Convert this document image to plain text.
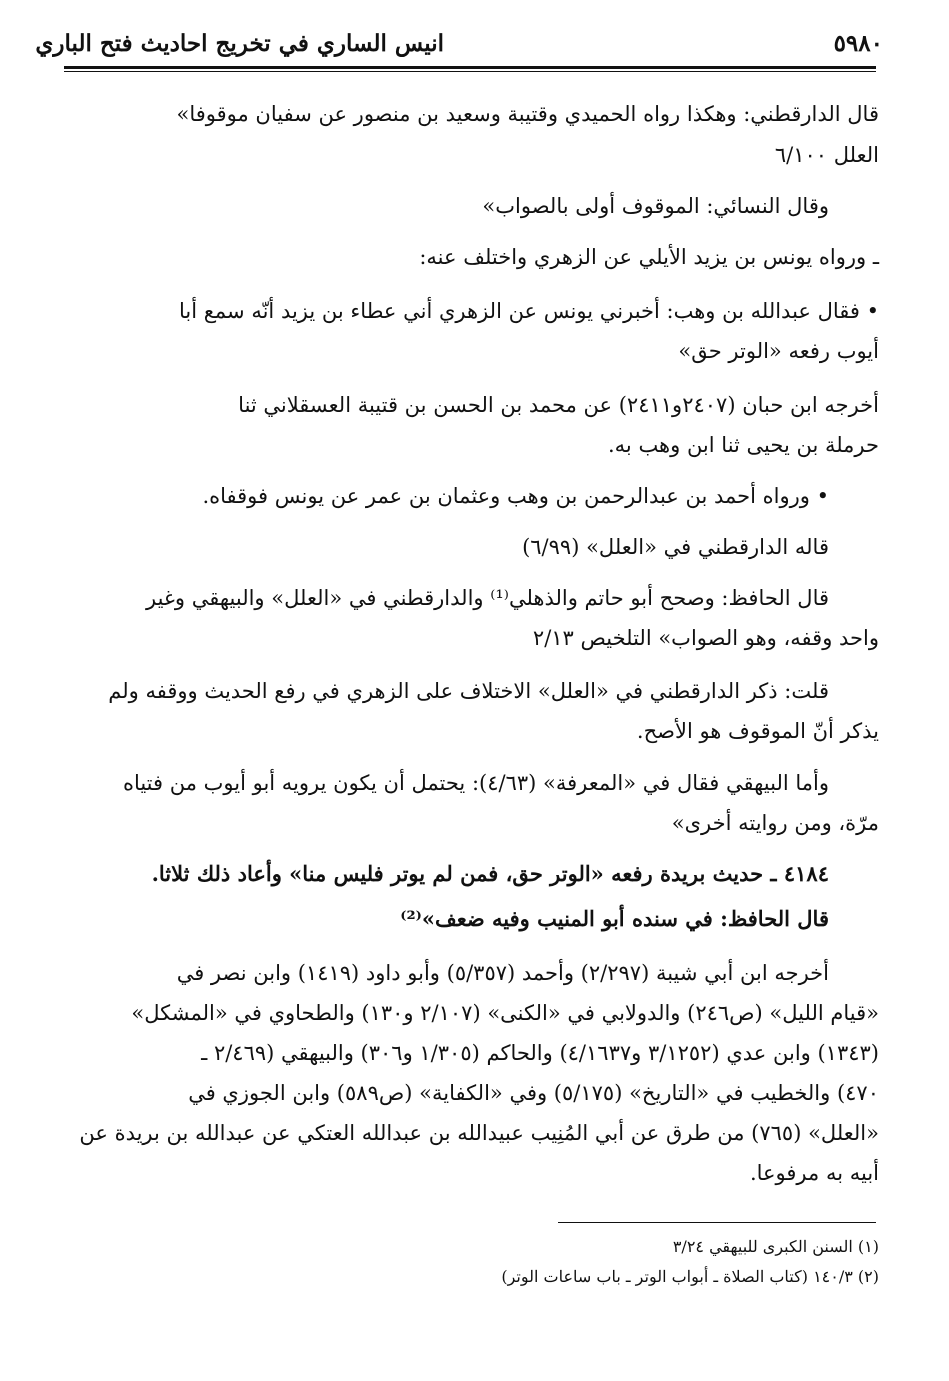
انيس الساري في تخريج احاديث فتح الباري	٥٩٨٠
قال الدارقطني: وهكذا رواه الحميدي وقتيبة وسعيد بن منصور عن سفيان موقوفا»
العلل ٦/١٠٠
وقال النسائي: الموقوف أولى بالصواب»
ـ ورواه يونس بن يزيد الأيلي عن الزهري واختلف عنه:
• فقال عبدالله بن وهب: أخبرني يونس عن الزهري أني عطاء بن يزيد أنّه سمع أبا
أيوب رفعه «الوتر حق»
أخرجه ابن حبان (٢٤٠٧و٢٤١١) عن محمد بن الحسن بن قتيبة العسقلاني ثنا
حرملة بن يحيى ثنا ابن وهب به.
• ورواه أحمد بن عبدالرحمن بن وهب وعثمان بن عمر عن يونس فوقفاه.
قاله الدارقطني في «العلل» (٦/٩٩)
قال الحافظ: وصحح أبو حاتم والذهلي⁽¹⁾ والدارقطني في «العلل» والبيهقي وغير
واحد وقفه، وهو الصواب» التلخيص ٢/١٣
قلت: ذكر الدارقطني في «العلل» الاختلاف على الزهري في رفع الحديث ووقفه ولم
يذكر أنّ الموقوف هو الأصح.
وأما البيهقي فقال في «المعرفة» (٤/٦٣): يحتمل أن يكون يرويه أبو أيوب من فتياه
مرّة، ومن روايته أخرى»
٤١٨٤ ـ حديث بريدة رفعه «الوتر حق، فمن لم يوتر فليس منا» وأعاد ذلك ثلاثا.
قال الحافظ: في سنده أبو المنيب وفيه ضعف»⁽²⁾
أخرجه ابن أبي شيبة (٢/٢٩٧) وأحمد (٥/٣٥٧) وأبو داود (١٤١٩) وابن نصر في
«قيام الليل» (ص٢٤٦) والدولابي في «الكنى» (٢/١٠٧ و١٣٠) والطحاوي في «المشكل»
(١٣٤٣) وابن عدي (٣/١٢٥٢ و٤/١٦٣٧) والحاكم (١/٣٠٥ و٣٠٦) والبيهقي (٢/٤٦٩ ـ
٤٧٠) والخطيب في «التاريخ» (٥/١٧٥) وفي «الكفاية» (ص٥٨٩) وابن الجوزي في
«العلل» (٧٦٥) من طرق عن أبي المُنِيب عبيدالله بن عبدالله العتكي عن عبدالله بن بريدة عن
أبيه به مرفوعا.
(١) السنن الكبرى للبيهقي ٣/٢٤
(٢) ١٤٠/٣ (كتاب الصلاة ـ أبواب الوتر ـ باب ساعات الوتر)
